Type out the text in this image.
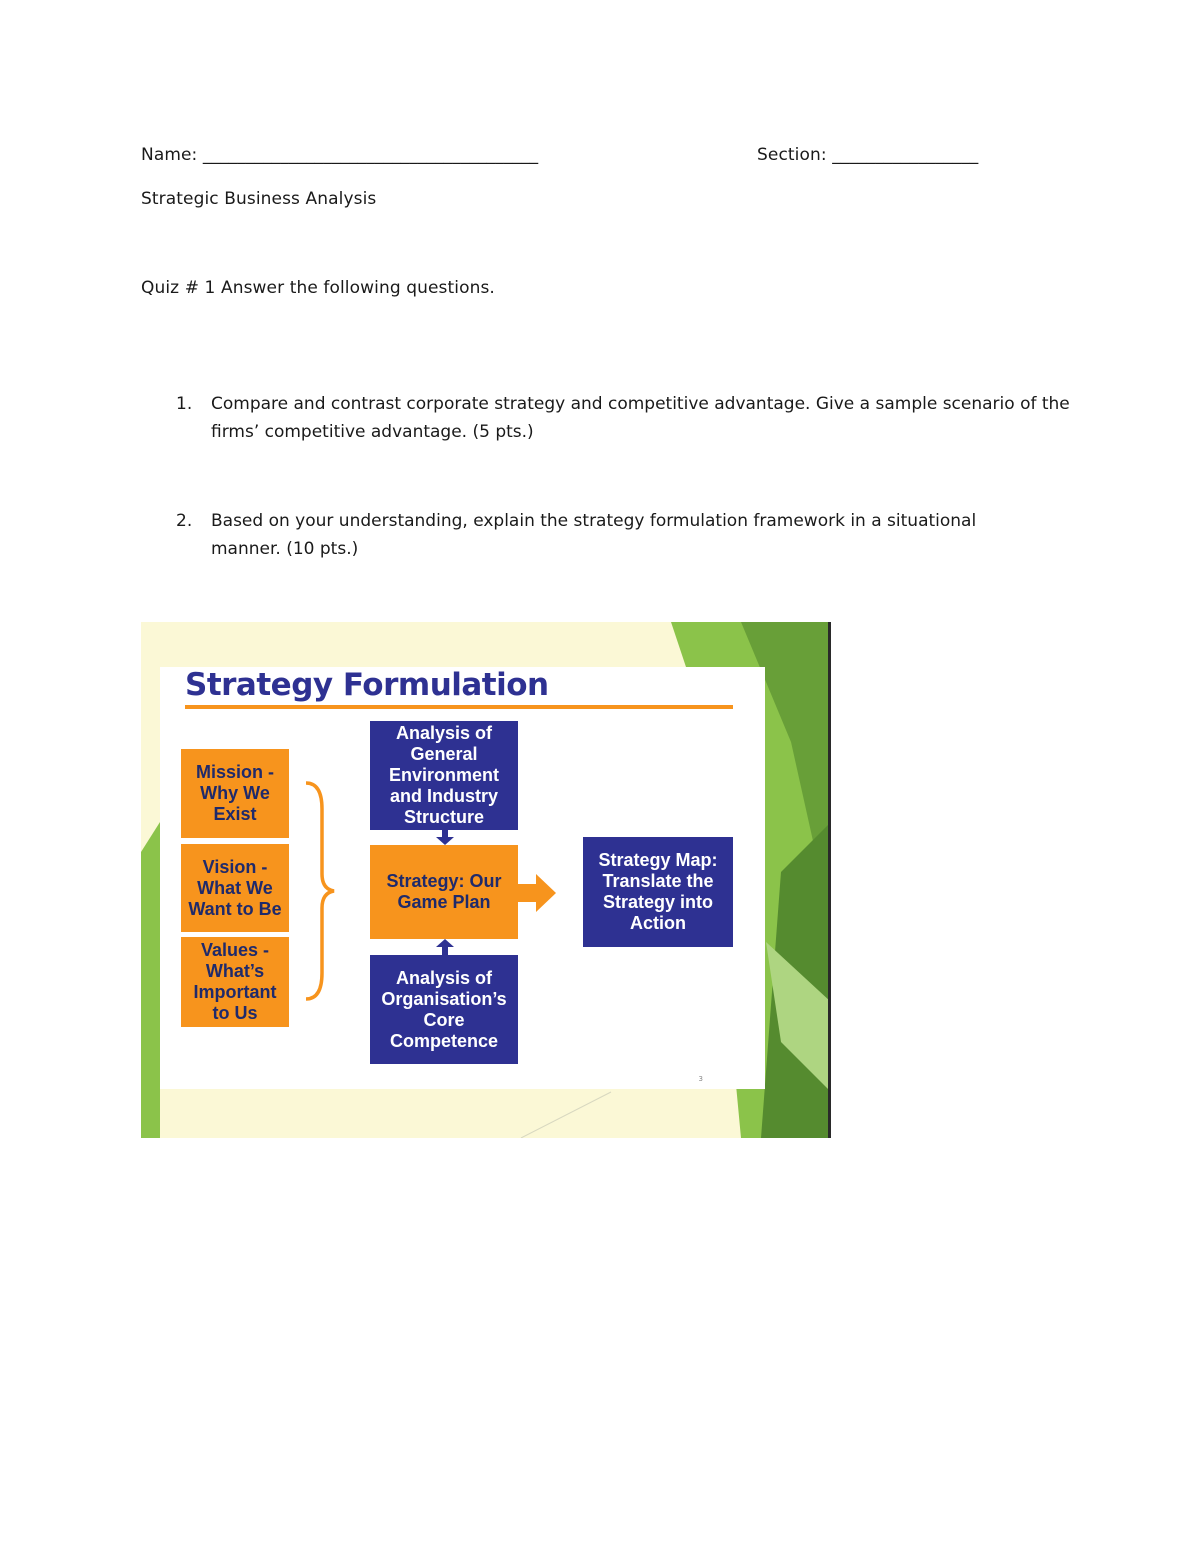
Name: _______________________________________	Section: _________________
Strategic Business Analysis
Quiz # 1 Answer the following questions.
1. Compare and contrast corporate strategy and competitive advantage. Give a sample scenario of the firms’ competitive advantage. (5 pts.)
2. Based on your understanding, explain the strategy formulation framework in a situational manner. (10 pts.)
Strategy Formulation
Mission - Why We Exist
Vision - What We Want to Be
Values - What’s Important to Us
Analysis of General Environment and Industry Structure
Strategy: Our Game Plan
Analysis of Organisation’s Core Competence
Strategy Map: Translate the Strategy into Action
3
